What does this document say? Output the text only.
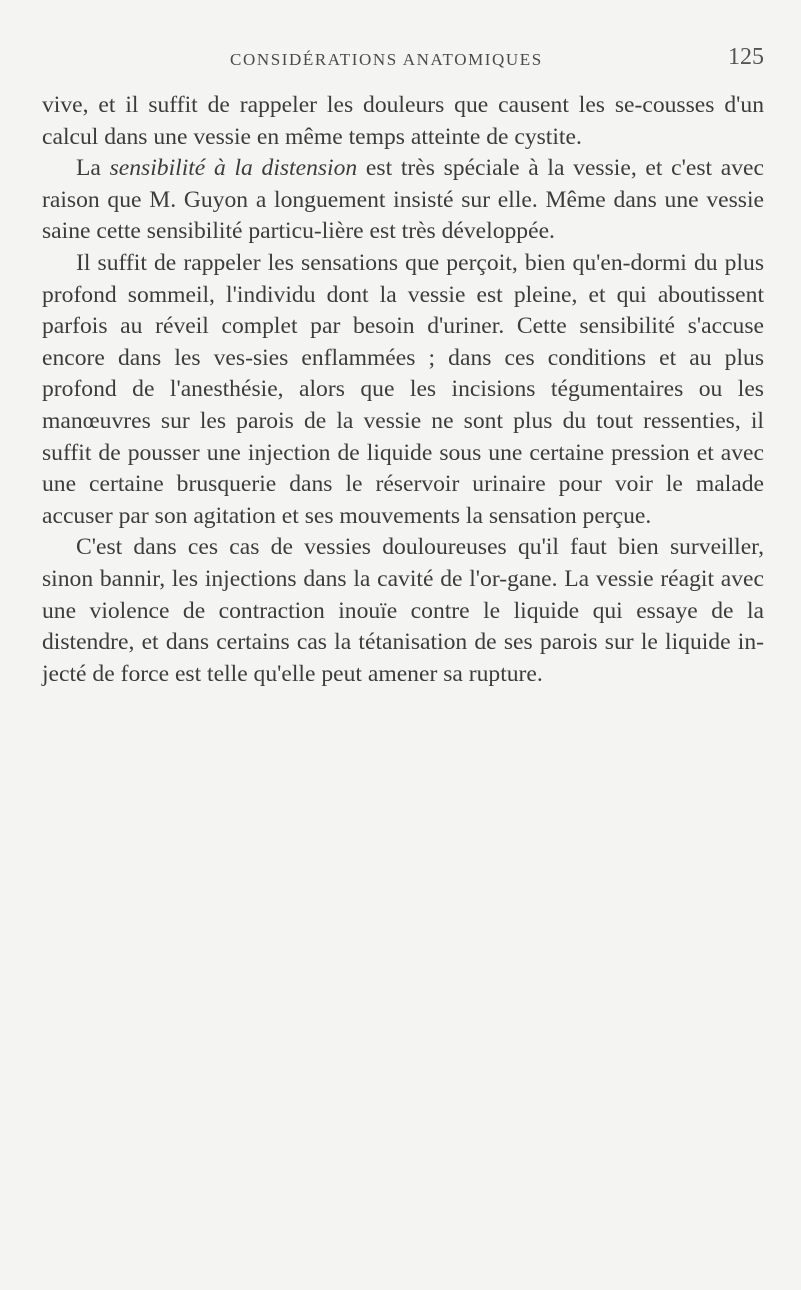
CONSIDÉRATIONS ANATOMIQUES	125

vive, et il suffit de rappeler les douleurs que causent les se-cousses d'un calcul dans une vessie en même temps atteinte de cystite.

La sensibilité à la distension est très spéciale à la vessie, et c'est avec raison que M. Guyon a longuement insisté sur elle. Même dans une vessie saine cette sensibilité particu-lière est très développée.

Il suffit de rappeler les sensations que perçoit, bien qu'en-dormi du plus profond sommeil, l'individu dont la vessie est pleine, et qui aboutissent parfois au réveil complet par besoin d'uriner. Cette sensibilité s'accuse encore dans les ves-sies enflammées ; dans ces conditions et au plus profond de l'anesthésie, alors que les incisions tégumentaires ou les manœuvres sur les parois de la vessie ne sont plus du tout ressenties, il suffit de pousser une injection de liquide sous une certaine pression et avec une certaine brusquerie dans le réservoir urinaire pour voir le malade accuser par son agitation et ses mouvements la sensation perçue.

C'est dans ces cas de vessies douloureuses qu'il faut bien surveiller, sinon bannir, les injections dans la cavité de l'or-gane. La vessie réagit avec une violence de contraction inouïe contre le liquide qui essaye de la distendre, et dans certains cas la tétanisation de ses parois sur le liquide in-jecté de force est telle qu'elle peut amener sa rupture.
